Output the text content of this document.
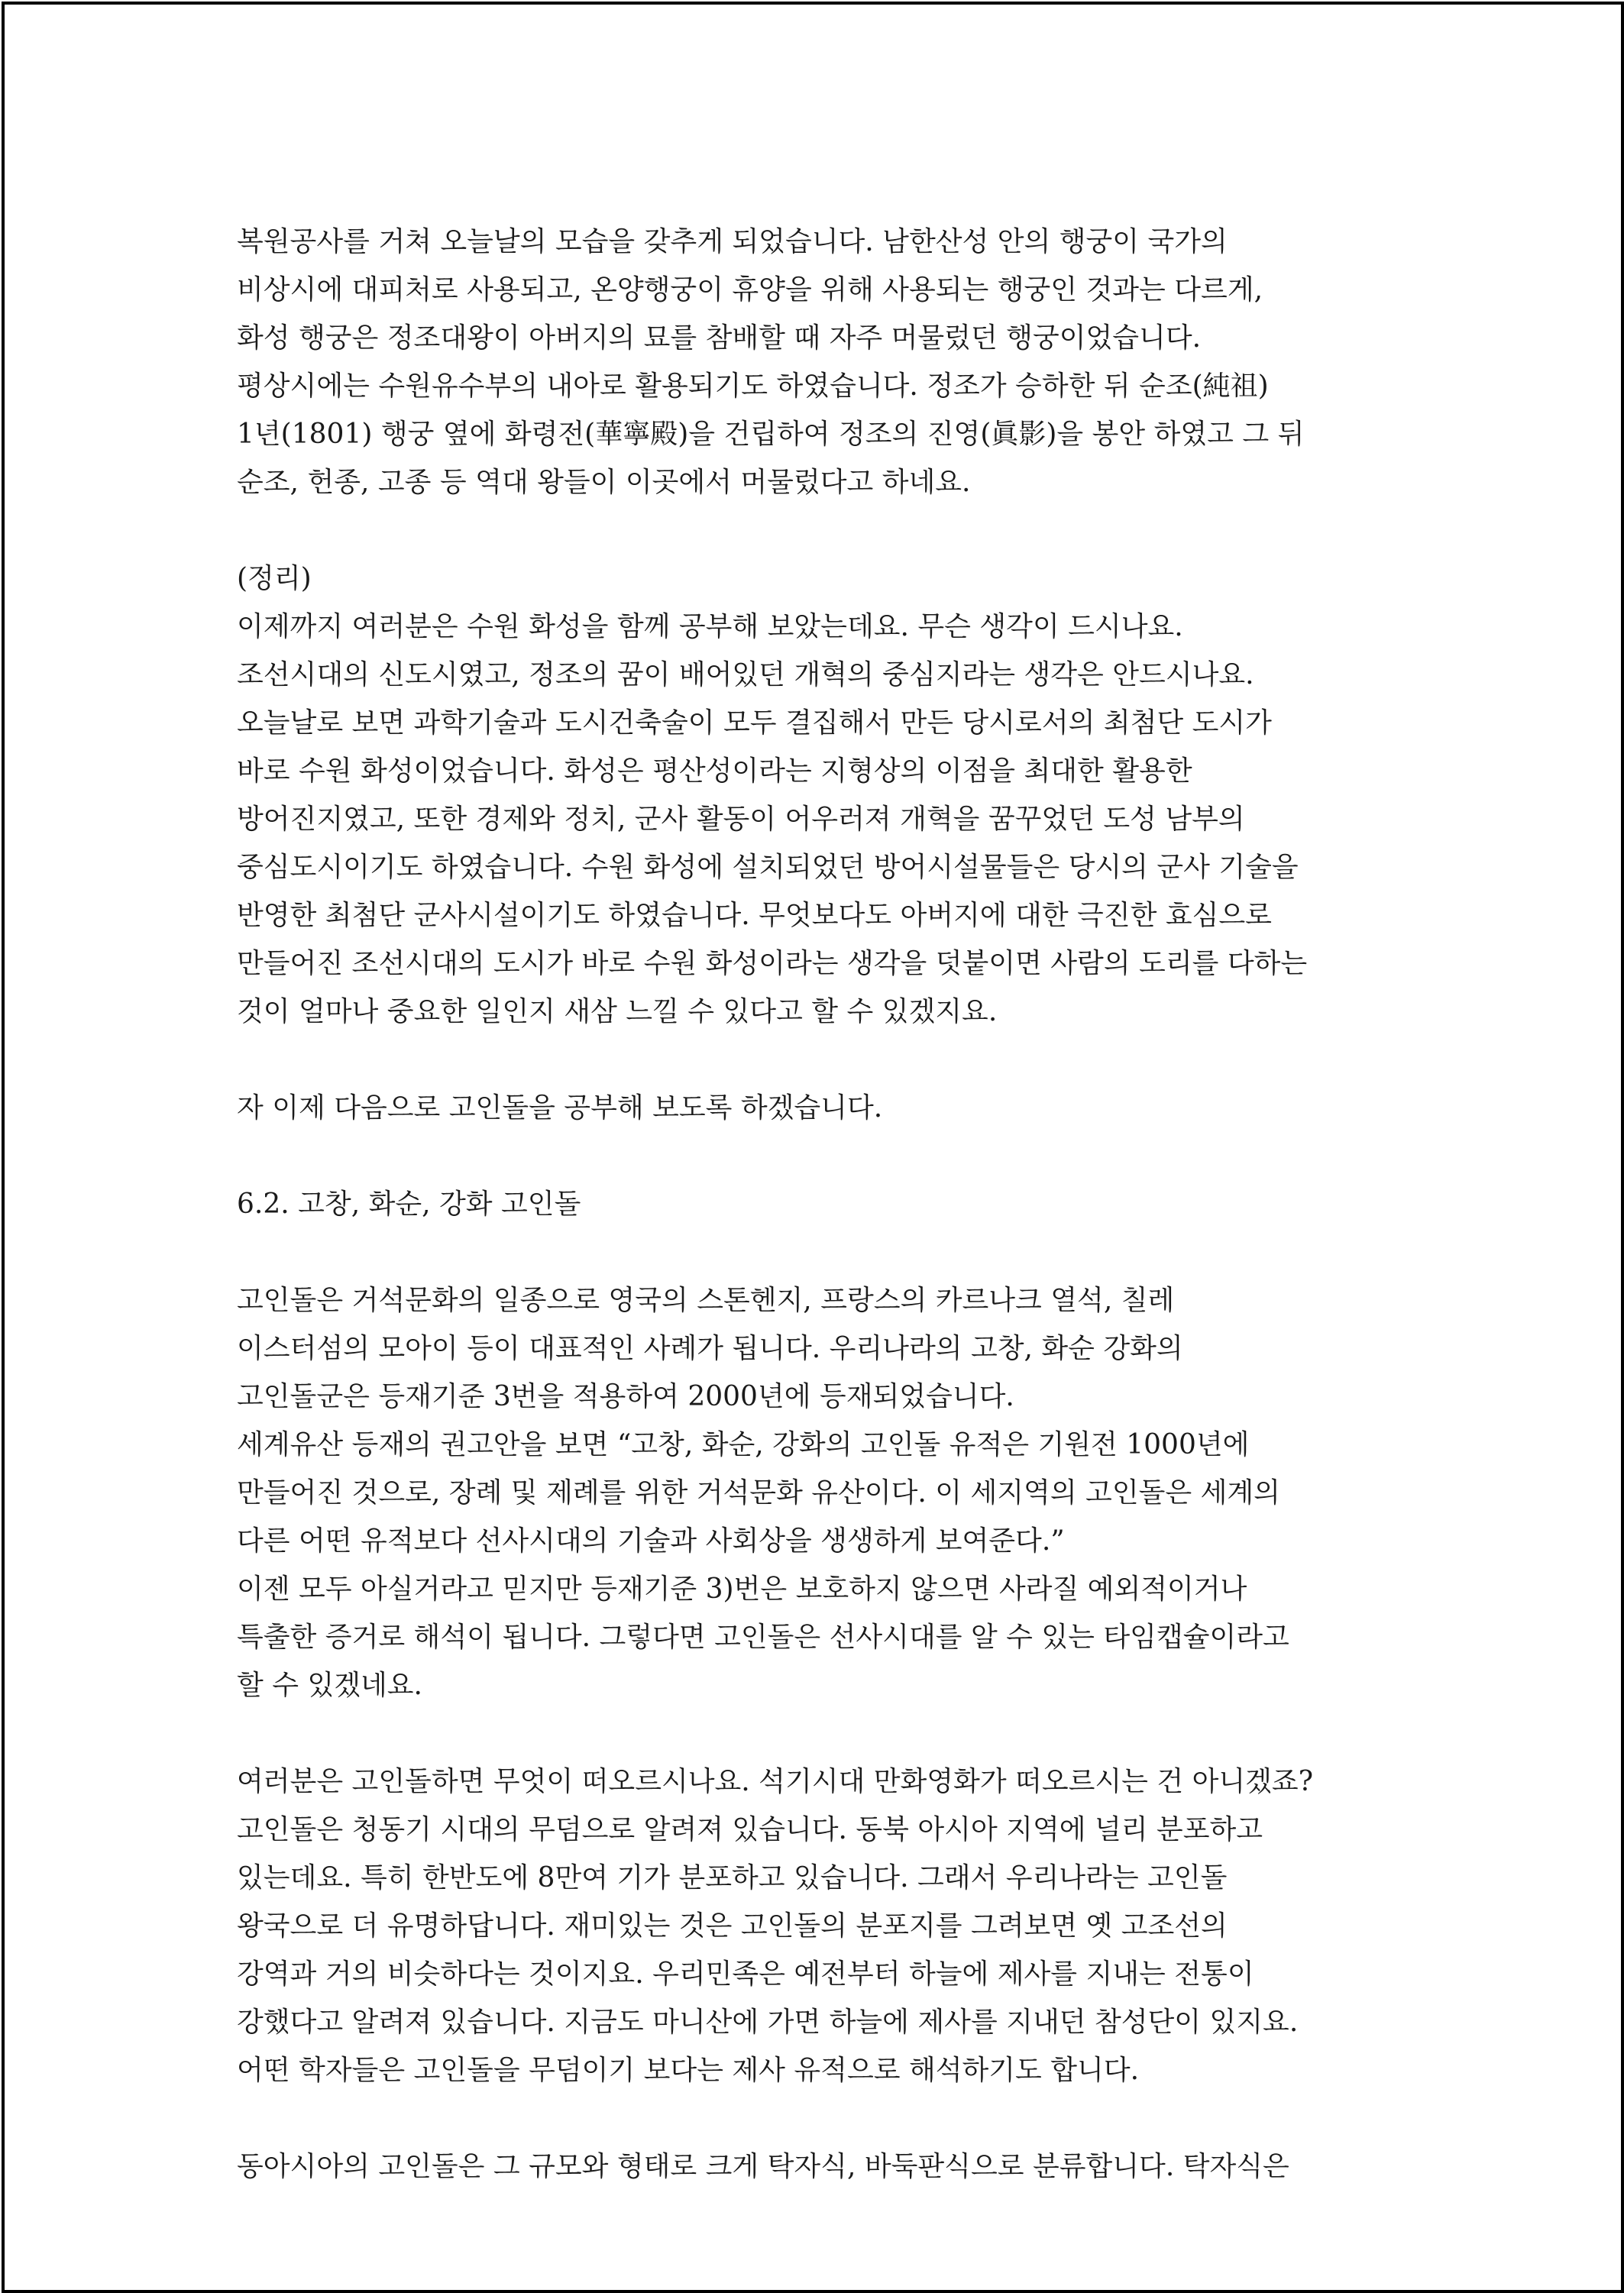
복원공사를 거쳐 오늘날의 모습을 갖추게 되었습니다. 남한산성 안의 행궁이 국가의
비상시에 대피처로 사용되고, 온양행궁이 휴양을 위해 사용되는 행궁인 것과는 다르게,
화성 행궁은 정조대왕이 아버지의 묘를 참배할 때 자주 머물렀던 행궁이었습니다.
평상시에는 수원유수부의 내아로 활용되기도 하였습니다. 정조가 승하한 뒤 순조(純祖)
1년(1801) 행궁 옆에 화령전(華寧殿)을 건립하여 정조의 진영(眞影)을 봉안 하였고 그 뒤
순조, 헌종, 고종 등 역대 왕들이 이곳에서 머물렀다고 하네요.
(정리)
이제까지 여러분은 수원 화성을 함께 공부해 보았는데요. 무슨 생각이 드시나요.
조선시대의 신도시였고, 정조의 꿈이 배어있던 개혁의 중심지라는 생각은 안드시나요.
오늘날로 보면 과학기술과 도시건축술이 모두 결집해서 만든 당시로서의 최첨단 도시가
바로 수원 화성이었습니다. 화성은 평산성이라는 지형상의 이점을 최대한 활용한
방어진지였고, 또한 경제와 정치, 군사 활동이 어우러져 개혁을 꿈꾸었던 도성 남부의
중심도시이기도 하였습니다. 수원 화성에 설치되었던 방어시설물들은 당시의 군사 기술을
반영한 최첨단 군사시설이기도 하였습니다. 무엇보다도 아버지에 대한 극진한 효심으로
만들어진 조선시대의 도시가 바로 수원 화성이라는 생각을 덧붙이면 사람의 도리를 다하는
것이 얼마나 중요한 일인지 새삼 느낄 수 있다고 할 수 있겠지요.
자 이제 다음으로 고인돌을 공부해 보도록 하겠습니다.
6.2. 고창, 화순, 강화 고인돌
고인돌은 거석문화의 일종으로 영국의 스톤헨지, 프랑스의 카르나크 열석, 칠레
이스터섬의 모아이 등이 대표적인 사례가 됩니다. 우리나라의 고창, 화순 강화의
고인돌군은 등재기준 3번을 적용하여 2000년에 등재되었습니다.
세계유산 등재의 권고안을 보면 “고창, 화순, 강화의 고인돌 유적은 기원전 1000년에
만들어진 것으로, 장례 및 제례를 위한 거석문화 유산이다. 이 세지역의 고인돌은 세계의
다른 어떤 유적보다 선사시대의 기술과 사회상을 생생하게 보여준다.”
이젠 모두 아실거라고 믿지만 등재기준 3)번은 보호하지 않으면 사라질 예외적이거나
특출한 증거로 해석이 됩니다. 그렇다면 고인돌은 선사시대를 알 수 있는 타임캡슐이라고
할 수 있겠네요.
여러분은 고인돌하면 무엇이 떠오르시나요. 석기시대 만화영화가 떠오르시는 건 아니겠죠?
고인돌은 청동기 시대의 무덤으로 알려져 있습니다. 동북 아시아 지역에 널리 분포하고
있는데요. 특히 한반도에 8만여 기가 분포하고 있습니다. 그래서 우리나라는 고인돌
왕국으로 더 유명하답니다. 재미있는 것은 고인돌의 분포지를 그려보면 옛 고조선의
강역과 거의 비슷하다는 것이지요. 우리민족은 예전부터 하늘에 제사를 지내는 전통이
강했다고 알려져 있습니다. 지금도 마니산에 가면 하늘에 제사를 지내던 참성단이 있지요.
어떤 학자들은 고인돌을 무덤이기 보다는 제사 유적으로 해석하기도 합니다.
동아시아의 고인돌은 그 규모와 형태로 크게 탁자식, 바둑판식으로 분류합니다. 탁자식은
